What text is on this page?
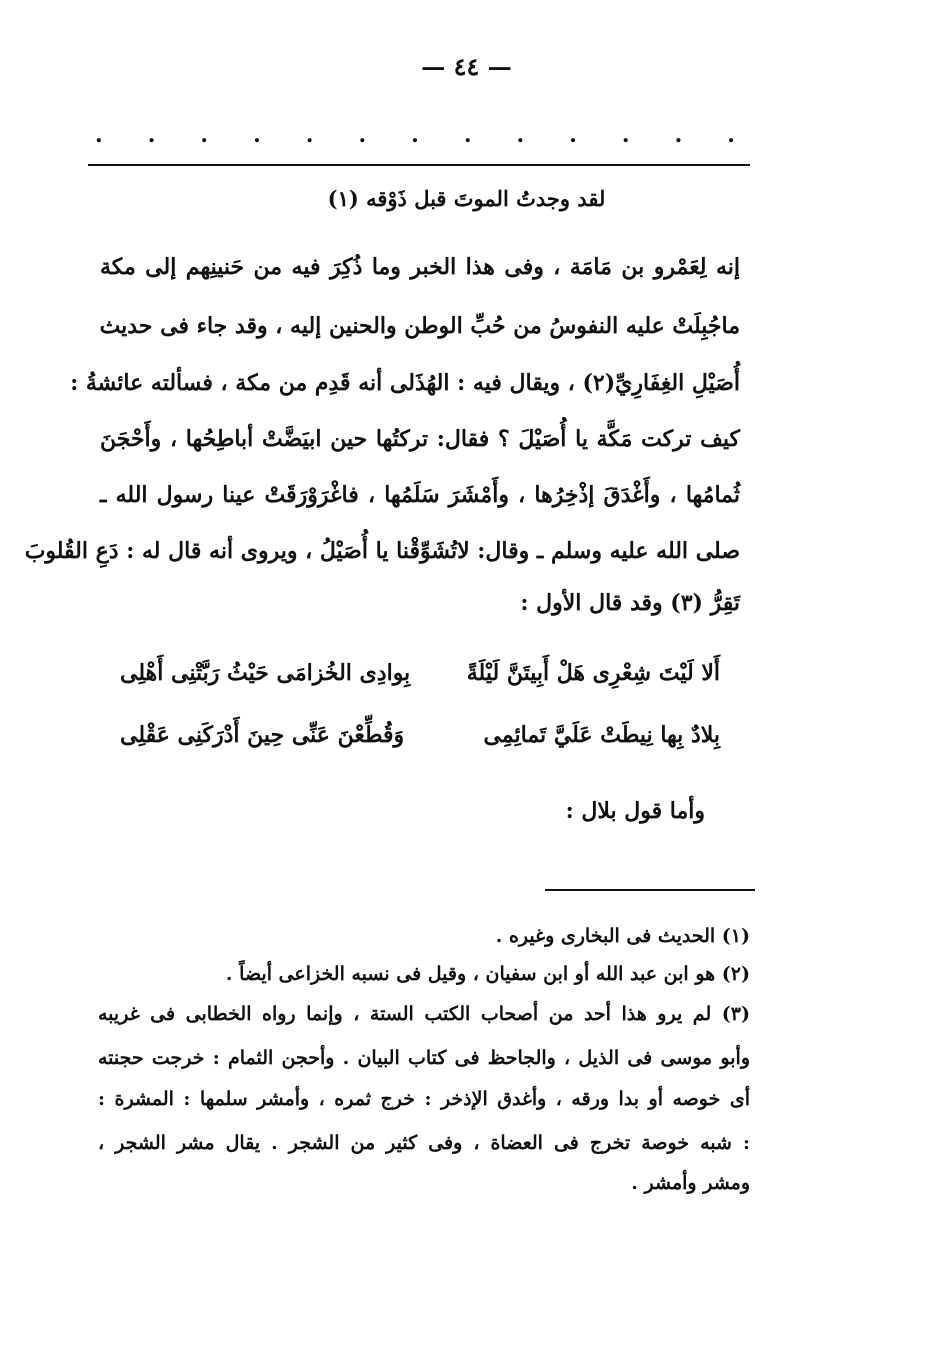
— ٤٤ —
. . . . . . . . . . . . .
لقد وجدتُ الموتَ قبل ذَوْقه (١)
إنه لِعَمْرو بن مَامَة ، وفى هذا الخبر وما ذُكِرَ فيه من حَنينِهم إلى مكة
ماجُبِلَتْ عليه النفوسُ من حُبِّ الوطن والحنين إليه ، وقد جاء فى حديث
أُصَيْلِ الغِفَارِيِّ(٢) ، ويقال فيه : الهُذَلى أنه قَدِم من مكة ، فسألته عائشةُ :
كيف تركت مَكَّة يا أُصَيْلَ ؟ فقال: تركتُها حين ابيَضَّتْ أباطِحُها ، وأَحْجَنَ
ثُمامُها ، وأَغْدَقَ إذْخِرُها ، وأَمْشَرَ سَلَمُها ، فاغْرَوْرَقَتْ عينا رسول الله ـ
صلى الله عليه وسلم ـ وقال: لاتُشَوِّقْنا يا أُصَيْلُ ، ويروى أنه قال له : دَعِ القُلوبَ
تَقِرُّ (٣) وقد قال الأول :
أَلا لَيْتَ شِعْرِى هَلْ أَبِيتَنَّ لَيْلَةً
بِوادِى الخُزامَى حَيْثُ رَبَّتْنِى أَهْلِى
بِلادٌ بِها نِيطَتْ عَلَيَّ تَمائِمِى
وَقُطِّعْنَ عَنِّى حِينَ أَدْرَكَنِى عَقْلِى
وأما قول بلال :
(١) الحديث فى البخارى وغيره .
(٢) هو ابن عبد الله أو ابن سفيان ، وقيل فى نسبه الخزاعى أيضاً .
(٣) لم يرو هذا أحد من أصحاب الكتب الستة ، وإنما رواه الخطابى فى غريبه
وأبو موسى فى الذيل ، والجاحظ فى كتاب البيان . وأحجن الثمام : خرجت حجنته
أى خوصه أو بدا ورقه ، وأغدق الإذخر : خرج ثمره ، وأمشر سلمها : المشرة :
: شبه خوصة تخرج فى العضاة ، وفى كثير من الشجر . يقال مشر الشجر ،
ومشر وأمشر .
